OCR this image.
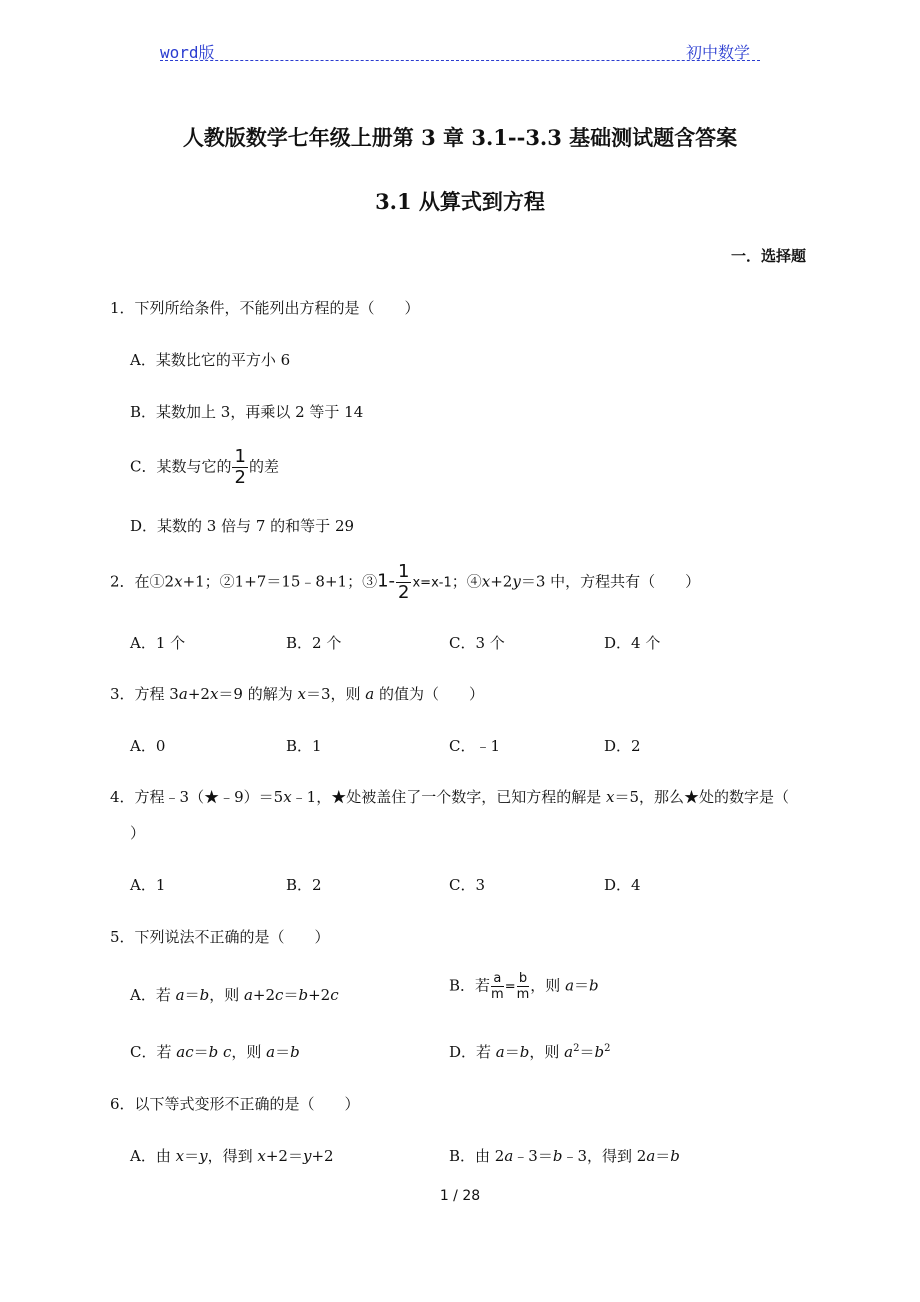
word版	初中数学
人教版数学七年级上册第 3 章 3.1--3.3 基础测试题含答案
3.1 从算式到方程
一．选择题
1．下列所给条件，不能列出方程的是（　　）
A．某数比它的平方小 6
B．某数加上 3，再乘以 2 等于 14
C．某数与它的 $\frac{1}{2}$ 的差
D．某数的 3 倍与 7 的和等于 29
2．在①2x+1；②1+7＝15﹣8+1；③1- $\frac{1}{2} x=x-1$；④x+2y＝3 中，方程共有（　　）
A．1 个	B．2 个	C．3 个	D．4 个
3．方程 3a+2x＝9 的解为 x＝3，则 a 的值为（　　）
A．0	B．1	C．﹣1	D．2
4．方程﹣3（★﹣9）＝5x﹣1，★处被盖住了一个数字，已知方程的解是 x＝5，那么★处的数字是（
）
A．1	B．2	C．3	D．4
5．下列说法不正确的是（　　）
A．若 a＝b，则 a+2c＝b+2c
B．若 $\frac{a}{m} = \frac{b}{m}$ ，则 a＝b
C．若 ac＝b c，则 a＝b	D．若 a＝b，则 $a^2=b^2$
6．以下等式变形不正确的是（　　）
A．由 x＝y，得到 x+2＝y+2	B．由 2a﹣3＝b﹣3，得到 2a＝b
1 / 28
